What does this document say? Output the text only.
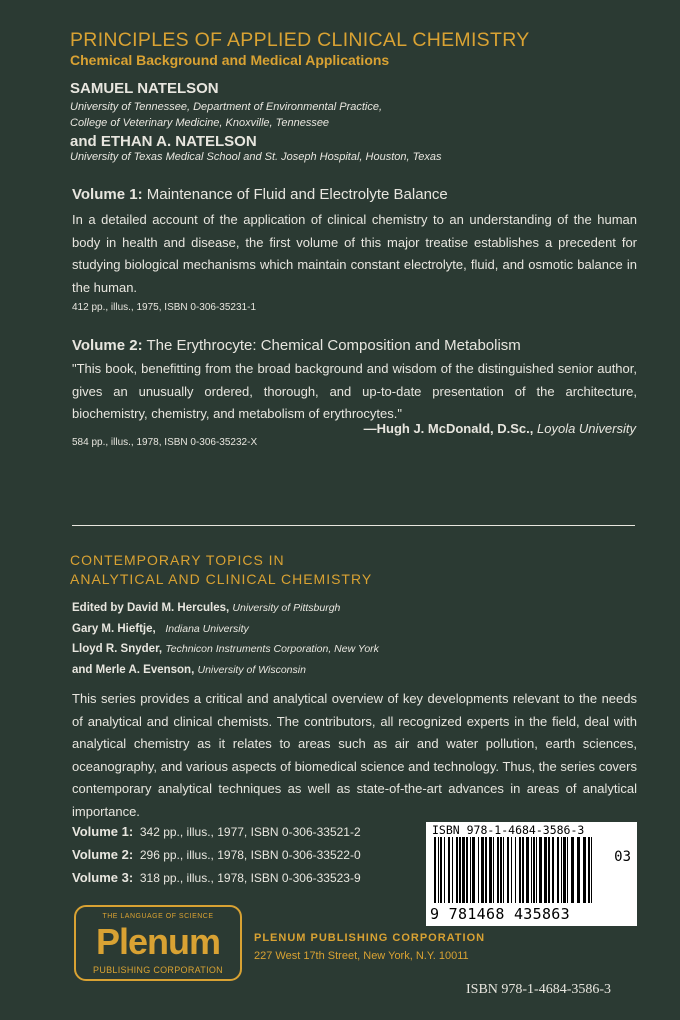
PRINCIPLES OF APPLIED CLINICAL CHEMISTRY
Chemical Background and Medical Applications
SAMUEL NATELSON
University of Tennessee, Department of Environmental Practice,
College of Veterinary Medicine, Knoxville, Tennessee
and ETHAN A. NATELSON
University of Texas Medical School and St. Joseph Hospital, Houston, Texas
Volume 1: Maintenance of Fluid and Electrolyte Balance
In a detailed account of the application of clinical chemistry to an understanding of the human body in health and disease, the first volume of this major treatise establishes a precedent for studying biological mechanisms which maintain constant electrolyte, fluid, and osmotic balance in the human.
412 pp., illus., 1975, ISBN 0-306-35231-1
Volume 2: The Erythrocyte: Chemical Composition and Metabolism
"This book, benefitting from the broad background and wisdom of the distinguished senior author, gives an unusually ordered, thorough, and up-to-date presentation of the architecture, biochemistry, chemistry, and metabolism of erythrocytes."
—Hugh J. McDonald, D.Sc., Loyola University
584 pp., illus., 1978, ISBN 0-306-35232-X
CONTEMPORARY TOPICS IN
ANALYTICAL AND CLINICAL CHEMISTRY
Edited by David M. Hercules, University of Pittsburgh
Gary M. Hieftje, Indiana University
Lloyd R. Snyder, Technicon Instruments Corporation, New York
and Merle A. Evenson, University of Wisconsin
This series provides a critical and analytical overview of key developments relevant to the needs of analytical and clinical chemists. The contributors, all recognized experts in the field, deal with analytical chemistry as it relates to areas such as air and water pollution, earth sciences, oceanography, and various aspects of biomedical science and technology. Thus, the series covers contemporary analytical techniques as well as state-of-the-art advances in areas of analytical importance.
Volume 1: 342 pp., illus., 1977, ISBN 0-306-33521-2
Volume 2: 296 pp., illus., 1978, ISBN 0-306-33522-0
Volume 3: 318 pp., illus., 1978, ISBN 0-306-33523-9
ISBN 978-1-4684-3586-3
03
9 781468 435863
THE LANGUAGE OF SCIENCE
Plenum
PUBLISHING CORPORATION
PLENUM PUBLISHING CORPORATION
227 West 17th Street, New York, N.Y. 10011
ISBN 978-1-4684-3586-3
